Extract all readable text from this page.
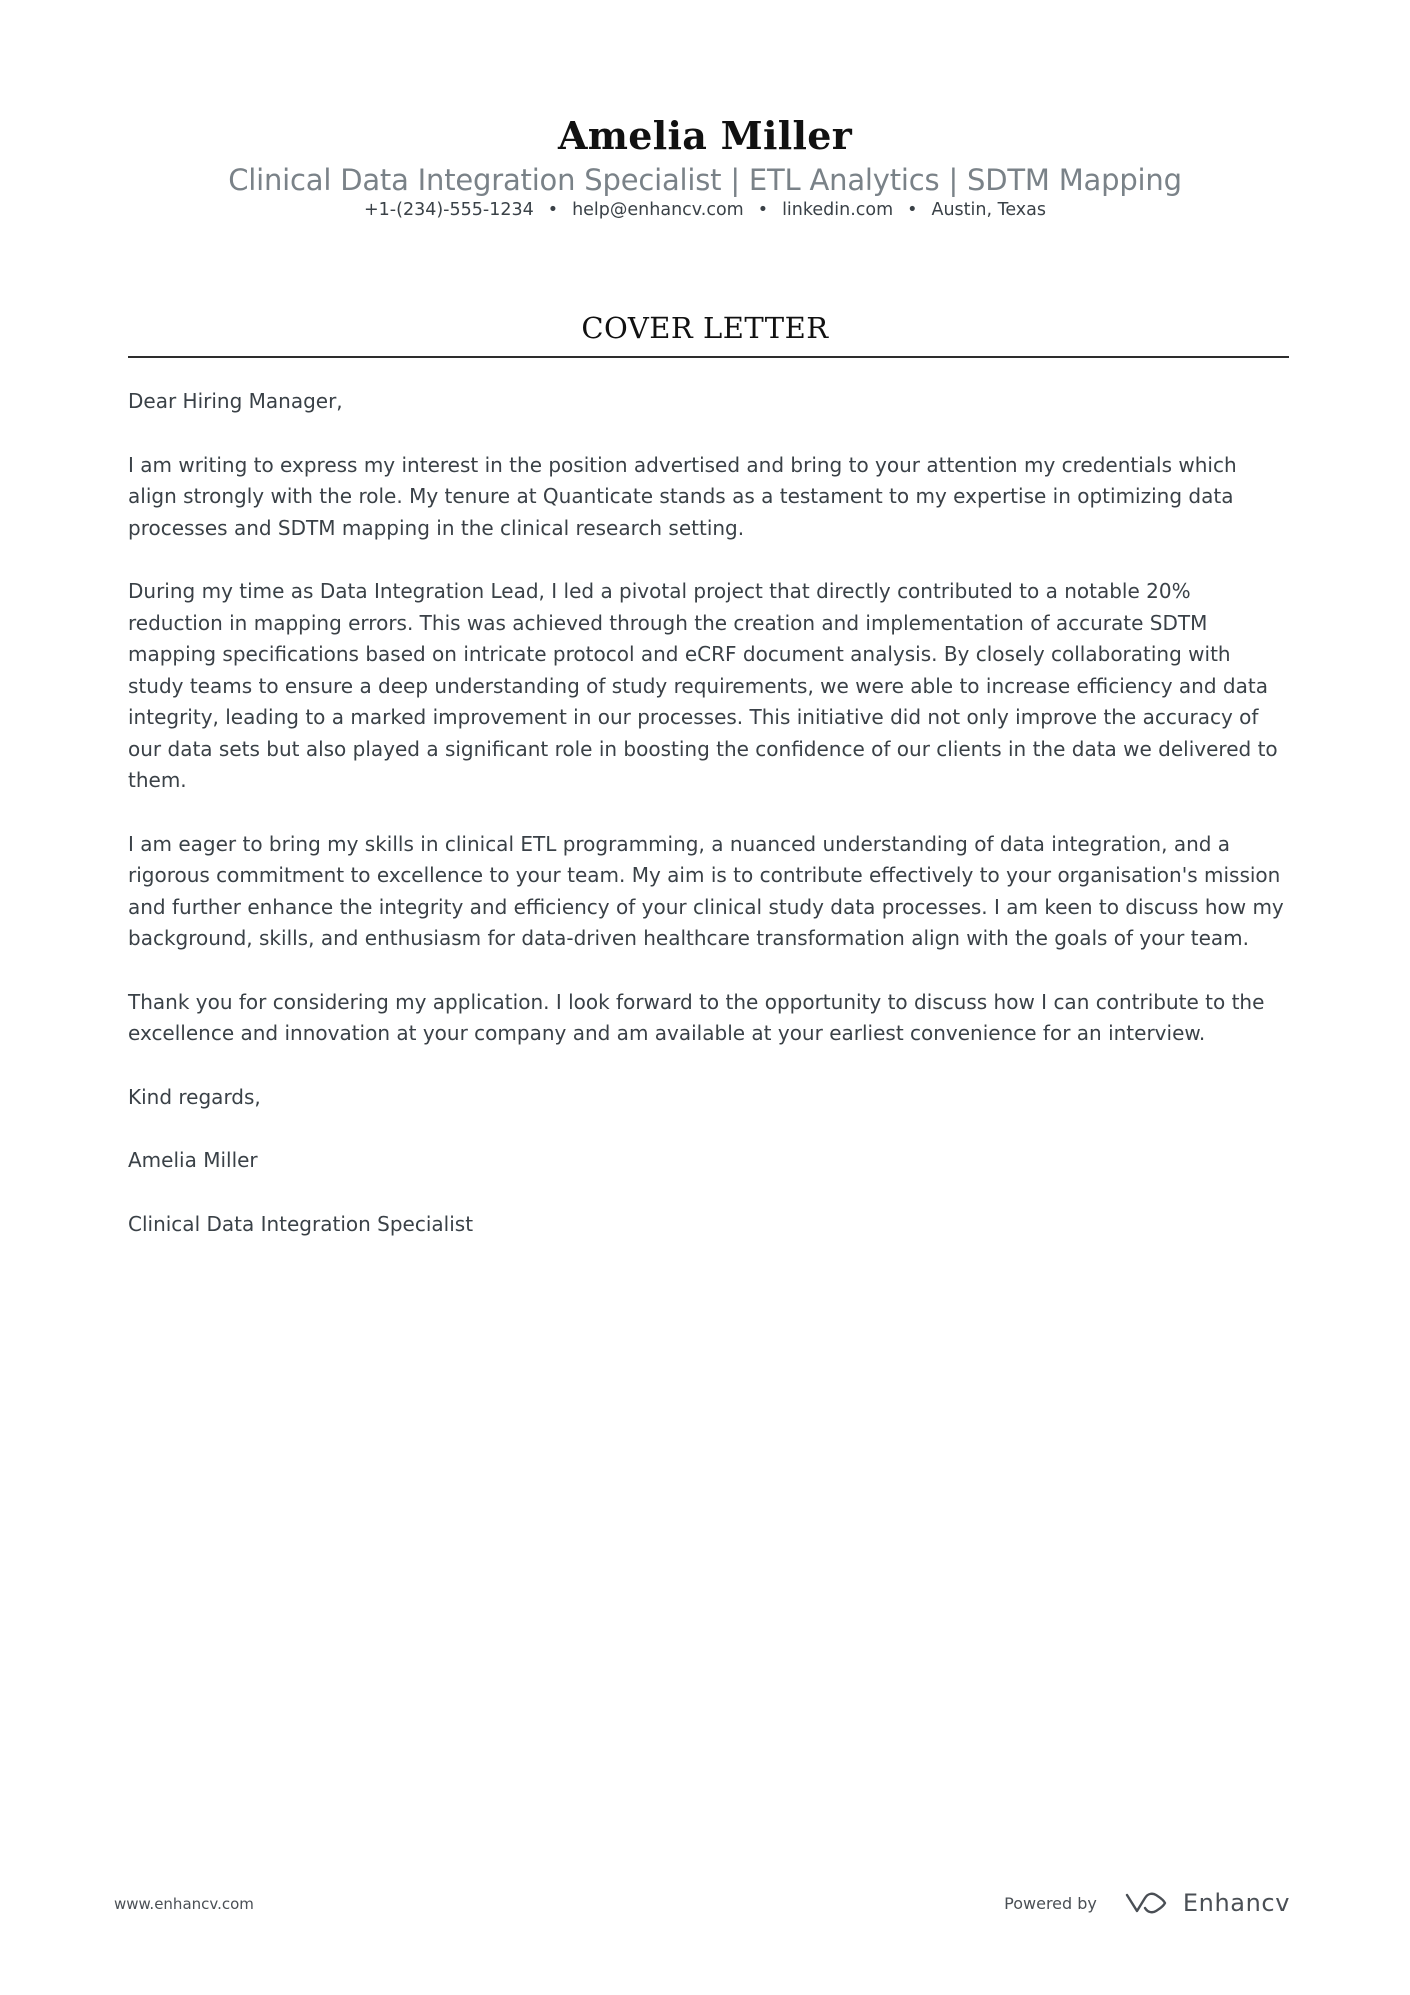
Amelia Miller
Clinical Data Integration Specialist | ETL Analytics | SDTM Mapping
+1-(234)-555-1234 • help@enhancv.com • linkedin.com • Austin, Texas
COVER LETTER

Dear Hiring Manager,

I am writing to express my interest in the position advertised and bring to your attention my credentials which align strongly with the role. My tenure at Quanticate stands as a testament to my expertise in optimizing data processes and SDTM mapping in the clinical research setting.

During my time as Data Integration Lead, I led a pivotal project that directly contributed to a notable 20% reduction in mapping errors. This was achieved through the creation and implementation of accurate SDTM mapping specifications based on intricate protocol and eCRF document analysis. By closely collaborating with study teams to ensure a deep understanding of study requirements, we were able to increase efficiency and data integrity, leading to a marked improvement in our processes. This initiative did not only improve the accuracy of our data sets but also played a significant role in boosting the confidence of our clients in the data we delivered to them.

I am eager to bring my skills in clinical ETL programming, a nuanced understanding of data integration, and a rigorous commitment to excellence to your team. My aim is to contribute effectively to your organisation's mission and further enhance the integrity and efficiency of your clinical study data processes. I am keen to discuss how my background, skills, and enthusiasm for data-driven healthcare transformation align with the goals of your team.

Thank you for considering my application. I look forward to the opportunity to discuss how I can contribute to the excellence and innovation at your company and am available at your earliest convenience for an interview.

Kind regards,

Amelia Miller

Clinical Data Integration Specialist

www.enhancv.com	Powered by	Enhancv
